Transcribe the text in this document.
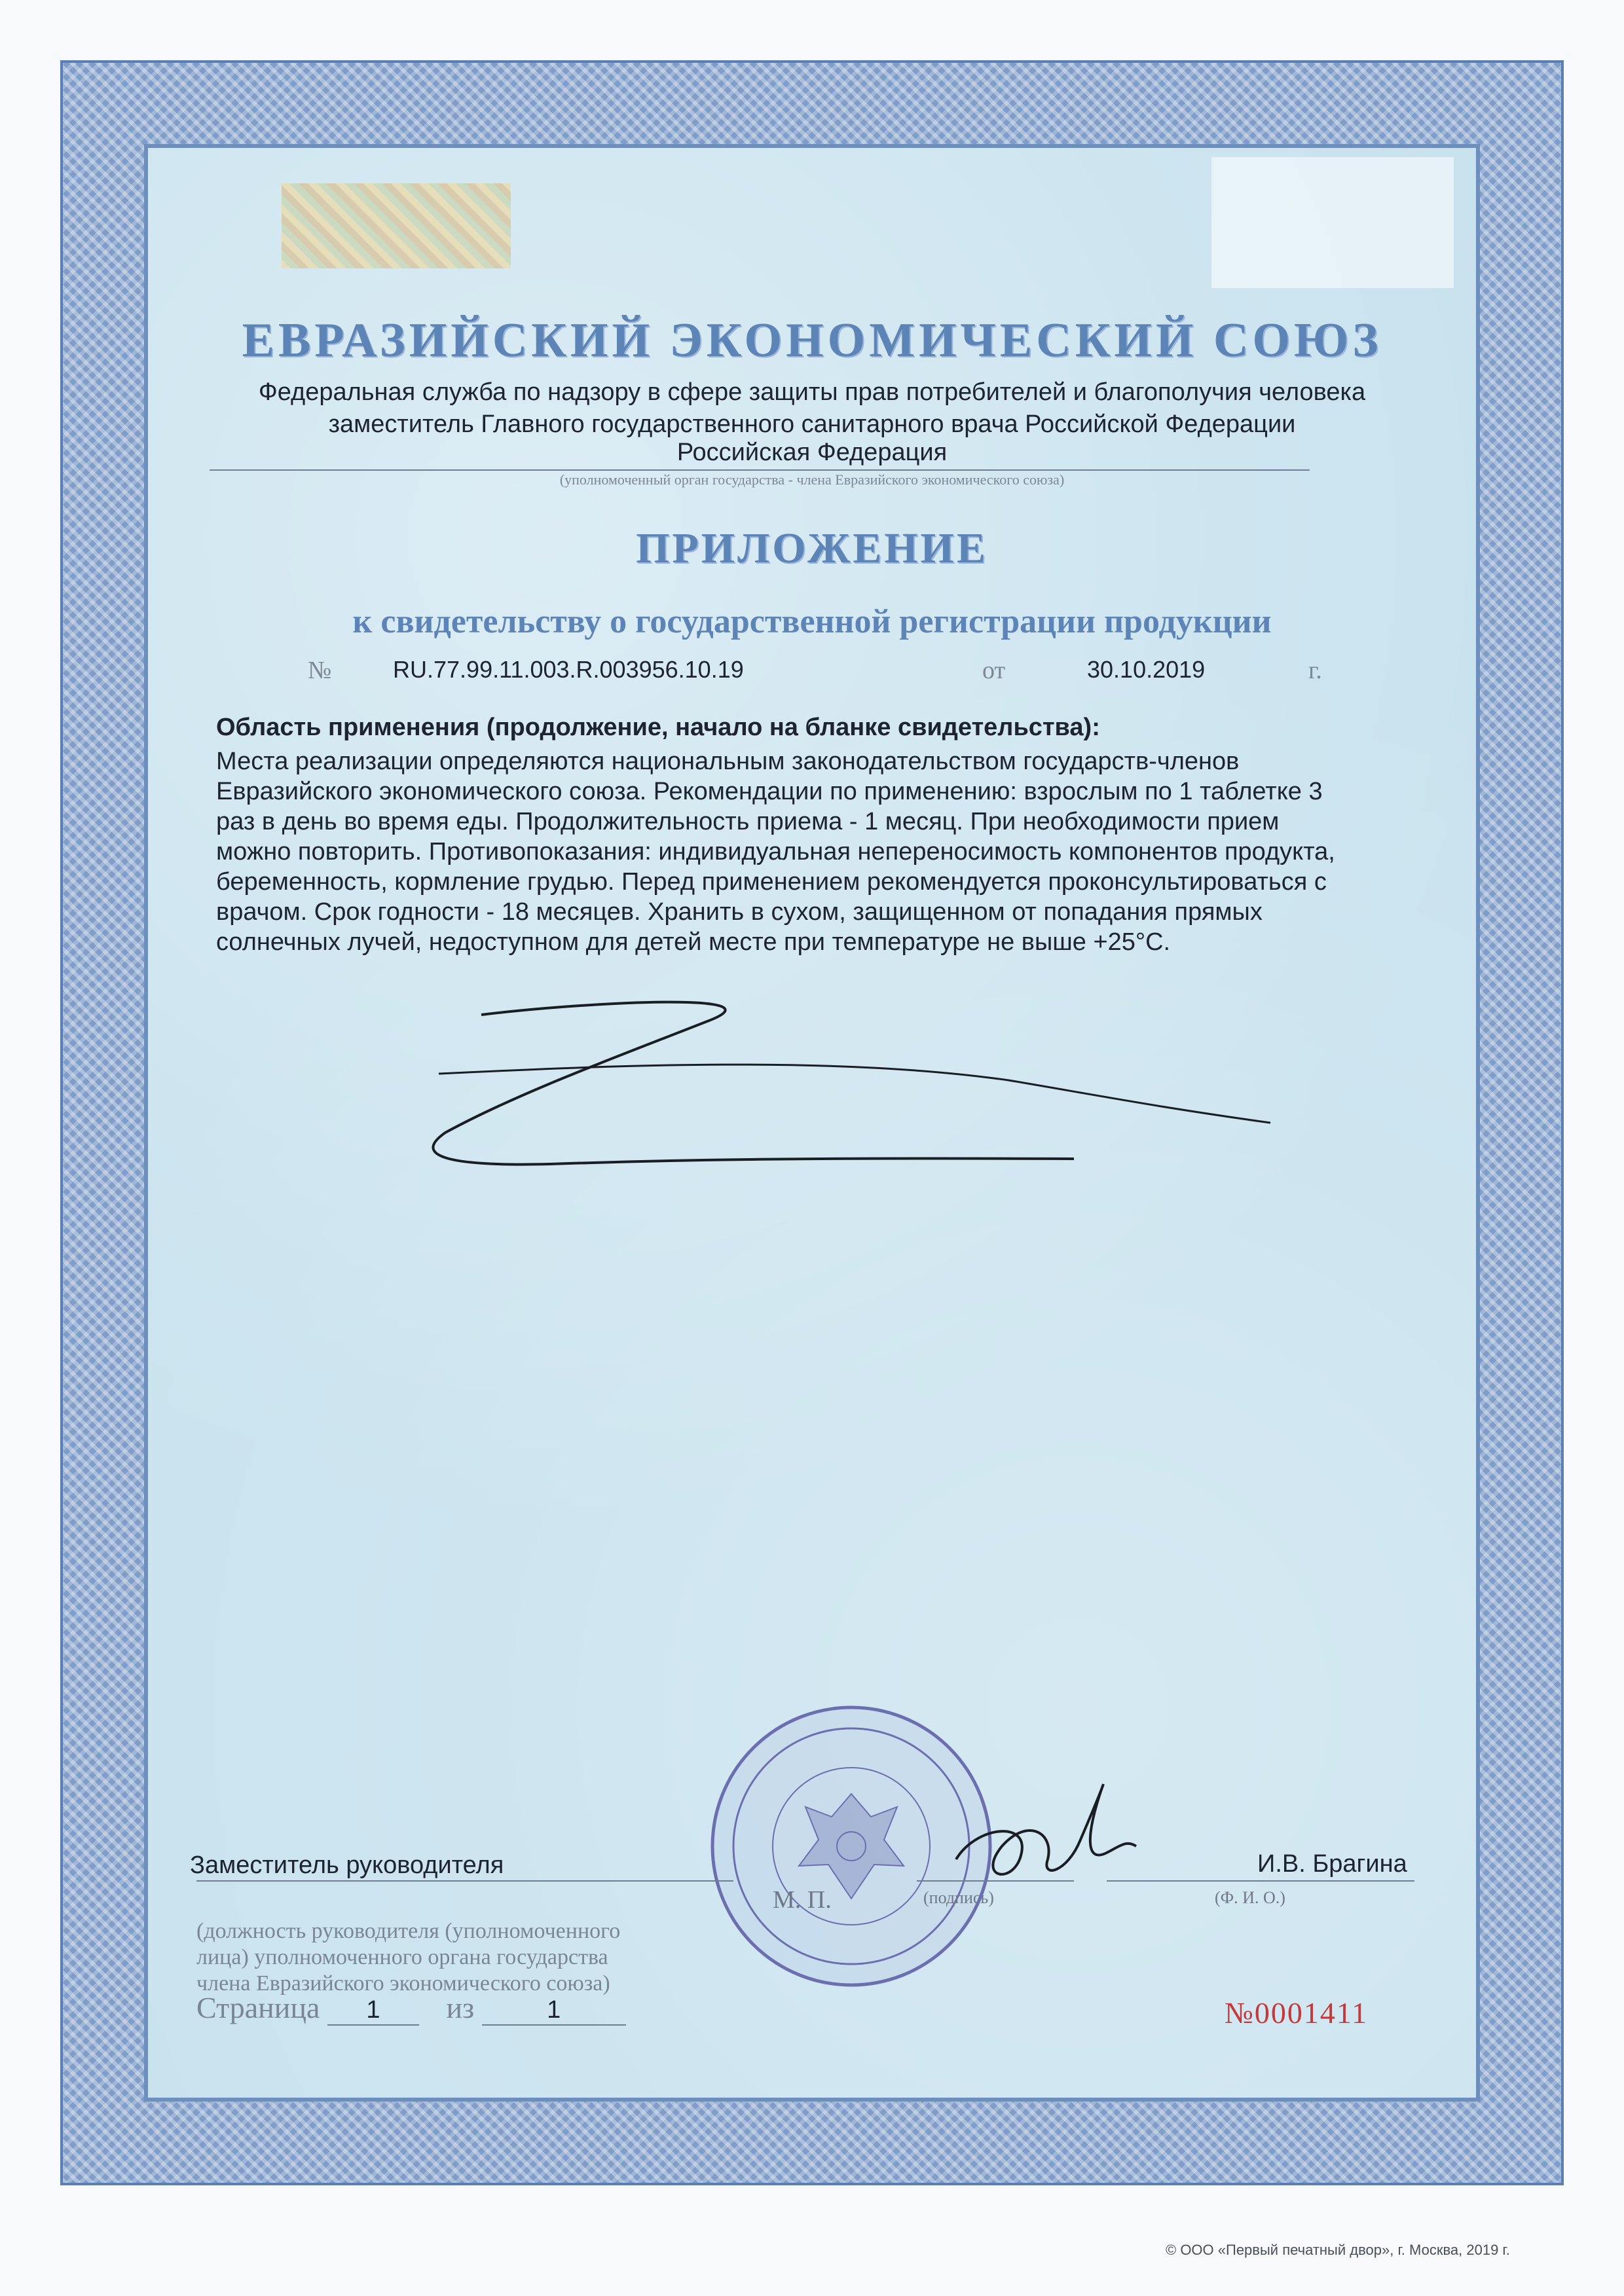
ЕВРАЗИЙСКИЙ ЭКОНОМИЧЕСКИЙ СОЮЗ
Федеральная служба по надзору в сфере защиты прав потребителей и благополучия человека
заместитель Главного государственного санитарного врача Российской Федерации
Российская Федерация
(уполномоченный орган государства - члена Евразийского экономического союза)
ПРИЛОЖЕНИЕ
к свидетельству о государственной регистрации продукции
№	RU.77.99.11.003.R.003956.10.19	от	30.10.2019	г.
Область применения (продолжение, начало на бланке свидетельства):
Места реализации определяются национальным законодательством государств-членов
Евразийского экономического союза. Рекомендации по применению: взрослым по 1 таблетке 3
раз в день во время еды. Продолжительность приема - 1 месяц. При необходимости прием
можно повторить. Противопоказания: индивидуальная непереносимость компонентов продукта,
беременность, кормление грудью. Перед применением рекомендуется проконсультироваться с
врачом. Срок годности - 18 месяцев. Хранить в сухом, защищенном от попадания прямых
солнечных лучей, недоступном для детей месте при температуре не выше +25°С.
Заместитель руководителя	И.В. Брагина
М. П.	(подпись)	(Ф. И. О.)
(должность руководителя (уполномоченного
лица) уполномоченного органа государства
члена Евразийского экономического союза)
Страница 1 из	1	№0001411
© ООО «Первый печатный двор», г. Москва, 2019 г.
